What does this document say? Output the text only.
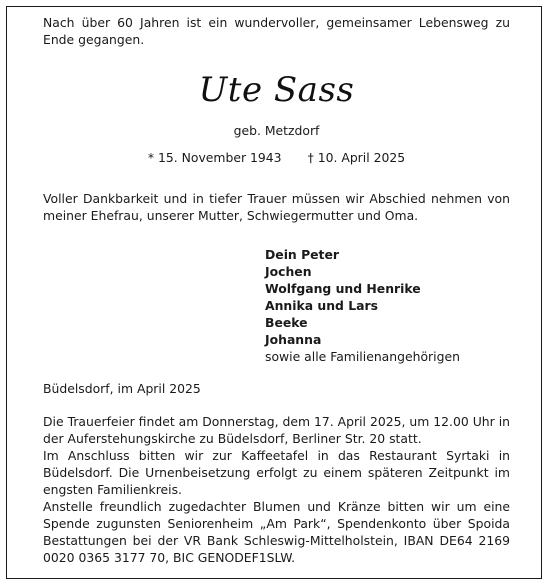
Nach über 60 Jahren ist ein wundervoller, gemeinsamer Lebensweg zu Ende gegangen.

Ute Sass
geb. Metzdorf
* 15. November 1943 † 10. April 2025

Voller Dankbarkeit und in tiefer Trauer müssen wir Abschied nehmen von meiner Ehefrau, unserer Mutter, Schwiegermutter und Oma.

Dein Peter
Jochen
Wolfgang und Henrike
Annika und Lars
Beeke
Johanna
sowie alle Familienangehörigen

Büdelsdorf, im April 2025

Die Trauerfeier findet am Donnerstag, dem 17. April 2025, um 12.00 Uhr in der Auferstehungskirche zu Büdelsdorf, Berliner Str. 20 statt.

Im Anschluss bitten wir zur Kaffeetafel in das Restaurant Syrtaki in Büdelsdorf. Die Urnenbeisetzung erfolgt zu einem späteren Zeitpunkt im engsten Familienkreis.

Anstelle freundlich zugedachter Blumen und Kränze bitten wir um eine Spende zugunsten Seniorenheim „Am Park“, Spendenkonto über Spoida Bestattungen bei der VR Bank Schleswig-Mittelholstein, IBAN DE64 2169 0020 0365 3177 70, BIC GENODEF1SLW.
